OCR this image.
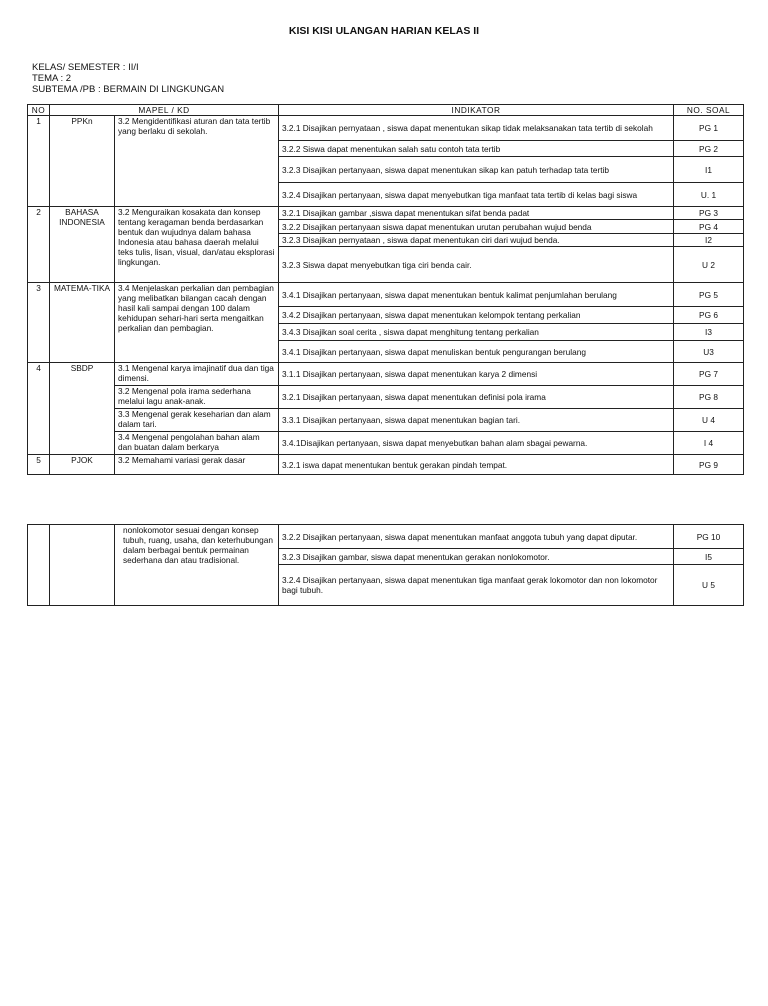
KISI KISI ULANGAN HARIAN KELAS II
KELAS/ SEMESTER : II/I
TEMA : 2
SUBTEMA /PB : BERMAIN DI LINGKUNGAN
NO	MAPEL / KD		INDIKATOR	NO. SOAL
1	PPKn	3.2 Mengidentifikasi aturan dan tata tertib yang berlaku di sekolah.	3.2.1 Disajikan pernyataan , siswa dapat menentukan sikap tidak melaksanakan tata tertib di sekolah	PG 1
			3.2.2 Siswa dapat menentukan salah satu contoh tata tertib	PG 2
			3.2.3 Disajikan pertanyaan, siswa dapat menentukan sikap kan patuh terhadap tata tertib	I1
			3.2.4 Disajikan pertanyaan, siswa dapat menyebutkan tiga manfaat tata tertib di kelas bagi siswa	U. 1
2	BAHASA INDONESIA	3.2 Menguraikan kosakata dan konsep tentang keragaman benda berdasarkan bentuk dan wujudnya dalam bahasa Indonesia atau bahasa daerah melalui teks tulis, lisan, visual, dan/atau eksplorasi lingkungan.	3.2.1 Disajikan gambar ,siswa dapat menentukan sifat benda padat	PG 3
			3.2.2 Disajikan pertanyaan siswa dapat menentukan urutan perubahan wujud benda	PG 4
			3.2.3 Disajikan pernyataan , siswa dapat menentukan ciri dari wujud benda.	I2
			3.2.3 Siswa dapat menyebutkan tiga ciri benda cair.	U 2
3	MATEMA-TIKA	3.4 Menjelaskan perkalian dan pembagian yang melibatkan bilangan cacah dengan hasil kali sampai dengan 100 dalam kehidupan sehari-hari serta mengaitkan perkalian dan pembagian.	3.4.1 Disajikan pertanyaan, siswa dapat menentukan bentuk kalimat penjumlahan berulang	PG 5
			3.4.2 Disajikan pertanyaan, siswa dapat menentukan kelompok tentang perkalian	PG 6
			3.4.3 Disajikan soal cerita , siswa dapat menghitung tentang perkalian	I3
			3.4.1 Disajikan pertanyaan, siswa dapat menuliskan bentuk pengurangan berulang	U3
4	SBDP	3.1 Mengenal karya imajinatif dua dan tiga dimensi.	3.1.1 Disajikan pertanyaan, siswa dapat menentukan karya 2 dimensi	PG 7
		3.2 Mengenal pola irama sederhana melalui lagu anak-anak.	3.2.1 Disajikan pertanyaan, siswa dapat menentukan definisi pola irama	PG 8
		3.3 Mengenal gerak keseharian dan alam dalam tari.	3.3.1 Disajikan pertanyaan, siswa dapat menentukan bagian tari.	U 4
		3.4 Mengenal pengolahan bahan alam dan buatan dalam berkarya	3.4.1Disajikan pertanyaan, siswa dapat menyebutkan bahan alam sbagai pewarna.	I 4
5	PJOK	3.2 Memahami variasi gerak dasar	3.2.1 iswa dapat menentukan bentuk gerakan pindah tempat.	PG 9
		nonlokomotor sesuai dengan konsep tubuh, ruang, usaha, dan keterhubungan dalam berbagai bentuk permainan sederhana dan atau tradisional.	3.2.2 Disajikan pertanyaan, siswa dapat menentukan manfaat anggota tubuh yang dapat diputar.	PG 10
			3.2.3 Disajikan gambar, siswa dapat menentukan gerakan nonlokomotor.	I5
			3.2.4 Disajikan pertanyaan, siswa dapat menentukan tiga manfaat gerak lokomotor dan non lokomotor bagi tubuh.	U 5
